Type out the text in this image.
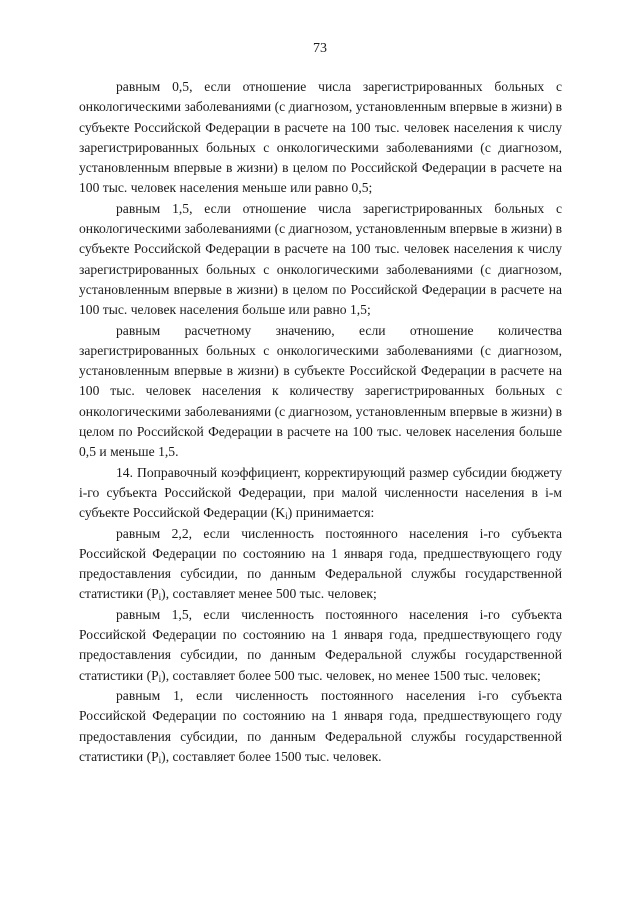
73

равным 0,5, если отношение числа зарегистрированных больных с онкологическими заболеваниями (с диагнозом, установленным впервые в жизни) в субъекте Российской Федерации в расчете на 100 тыс. человек населения к числу зарегистрированных больных с онкологическими заболеваниями (с диагнозом, установленным впервые в жизни) в целом по Российской Федерации в расчете на 100 тыс. человек населения меньше или равно 0,5;

равным 1,5, если отношение числа зарегистрированных больных с онкологическими заболеваниями (с диагнозом, установленным впервые в жизни) в субъекте Российской Федерации в расчете на 100 тыс. человек населения к числу зарегистрированных больных с онкологическими заболеваниями (с диагнозом, установленным впервые в жизни) в целом по Российской Федерации в расчете на 100 тыс. человек населения больше или равно 1,5;

равным расчетному значению, если отношение количества зарегистрированных больных с онкологическими заболеваниями (с диагнозом, установленным впервые в жизни) в субъекте Российской Федерации в расчете на 100 тыс. человек населения к количеству зарегистрированных больных с онкологическими заболеваниями (с диагнозом, установленным впервые в жизни) в целом по Российской Федерации в расчете на 100 тыс. человек населения больше 0,5 и меньше 1,5.

14. Поправочный коэффициент, корректирующий размер субсидии бюджету i-го субъекта Российской Федерации, при малой численности населения в i-м субъекте Российской Федерации $(K_i)$ принимается:

равным 2,2, если численность постоянного населения i-го субъекта Российской Федерации по состоянию на 1 января года, предшествующего году предоставления субсидии, по данным Федеральной службы государственной статистики $(P_i)$, составляет менее 500 тыс. человек;

равным 1,5, если численность постоянного населения i-го субъекта Российской Федерации по состоянию на 1 января года, предшествующего году предоставления субсидии, по данным Федеральной службы государственной статистики $(P_i)$, составляет более 500 тыс. человек, но менее 1500 тыс. человек;

равным 1, если численность постоянного населения i-го субъекта Российской Федерации по состоянию на 1 января года, предшествующего году предоставления субсидии, по данным Федеральной службы государственной статистики $(P_i)$, составляет более 1500 тыс. человек.
